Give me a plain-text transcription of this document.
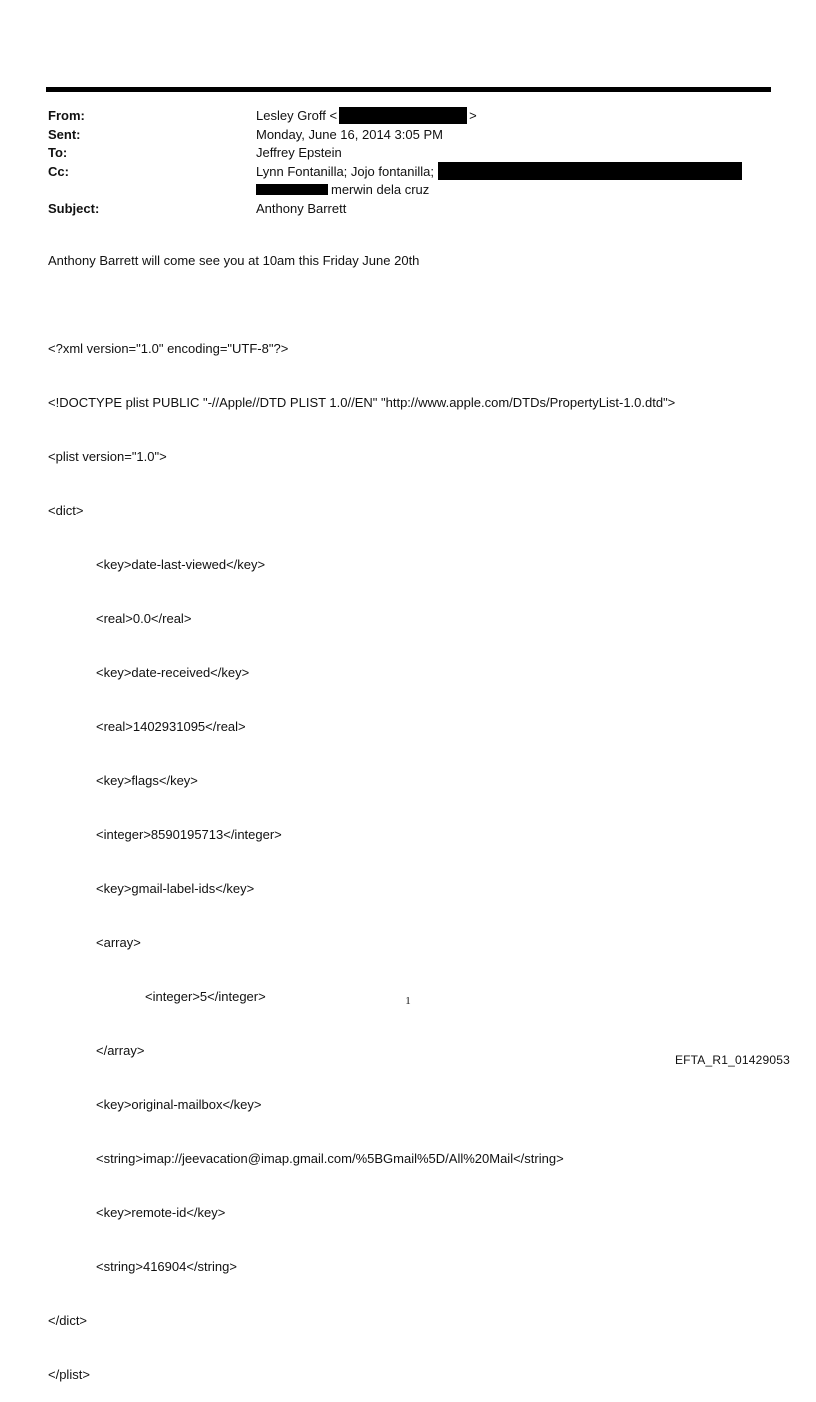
From:	Lesley Groff <	>
Sent:	Monday, June 16, 2014 3:05 PM
To:	Jeffrey Epstein
Cc:	Lynn Fontanilla; Jojo fontanilla;
merwin dela cruz
Subject:	Anthony Barrett
Anthony Barrett will come see you at 10am this Friday June 20th

<?xml version="1.0" encoding="UTF-8"?>

<!DOCTYPE plist PUBLIC "-//Apple//DTD PLIST 1.0//EN" "http://www.apple.com/DTDs/PropertyList-1.0.dtd">

<plist version="1.0">

<dict>

<key>date-last-viewed</key>

<real>0.0</real>

<key>date-received</key>

<real>1402931095</real>

<key>flags</key>

<integer>8590195713</integer>

<key>gmail-label-ids</key>

<array>

<integer>5</integer>

</array>

<key>original-mailbox</key>

<string>imap://jeevacation@imap.gmail.com/%5BGmail%5D/All%20Mail</string>

<key>remote-id</key>

<string>416904</string>

</dict>

</plist>

1
EFTA_R1_01429053
